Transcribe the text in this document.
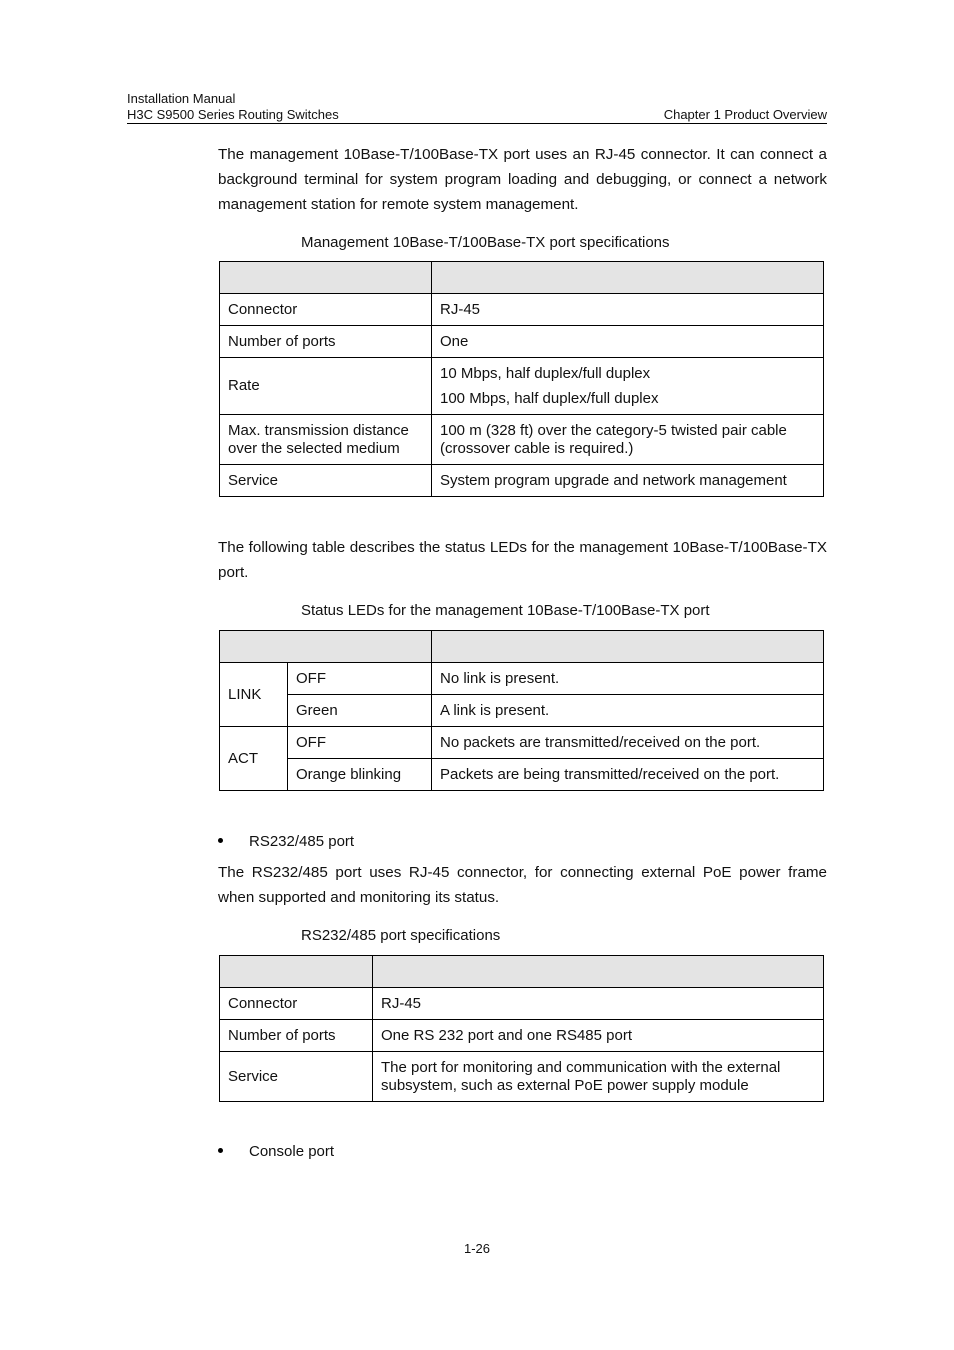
Installation Manual
H3C S9500 Series Routing Switches	Chapter 1 Product Overview
The management 10Base-T/100Base-TX port uses an RJ-45 connector. It can connect a background terminal for system program loading and debugging, or connect a network management station for remote system management.
Management 10Base-T/100Base-TX port specifications

Connector	RJ-45
Number of ports	One
Rate	10 Mbps, half duplex/full duplex
100 Mbps, half duplex/full duplex

Max. transmission distance over the selected medium	100 m (328 ft) over the category-5 twisted pair cable (crossover cable is required.)
Service	System program upgrade and network management
The following table describes the status LEDs for the management 10Base-T/100Base-TX port.
Status LEDs for the management 10Base-T/100Base-TX port

LINK	OFF	No link is present.
	Green	A link is present.
ACT	OFF	No packets are transmitted/received on the port.
	Orange blinking	Packets are being transmitted/received on the port.
RS232/485 port
The RS232/485 port uses RJ-45 connector, for connecting external PoE power frame when supported and monitoring its status.
RS232/485 port specifications

Connector	RJ-45
Number of ports	One RS 232 port and one RS485 port
Service	The port for monitoring and communication with the external subsystem, such as external PoE power supply module
Console port
1-26
